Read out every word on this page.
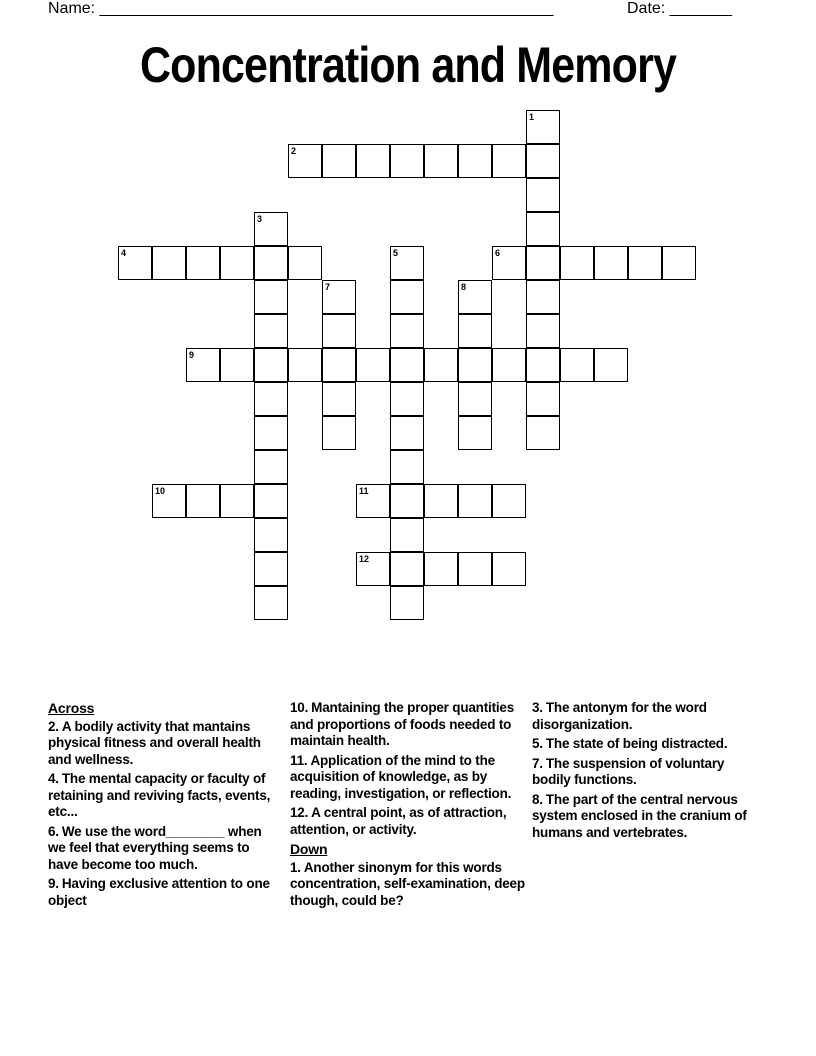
Name: ___________________________________________________	Date: _______
Concentration and Memory
1
2
3
4	5	6
7	8
9
10	11
12
Across
2. A bodily activity that mantains physical fitness and overall health and wellness.
4. The mental capacity or faculty of retaining and reviving facts, events, etc...
6. We use the word________ when we feel that everything seems to have become too much.
9. Having exclusive attention to one object
10. Mantaining the proper quantities and proportions of foods needed to maintain health.
11. Application of the mind to the acquisition of knowledge, as by reading, investigation, or reflection.
12. A central point, as of attraction, attention, or activity.
Down
1. Another sinonym for this words concentration, self-examination, deep though, could be?
3. The antonym for the word disorganization.
5. The state of being distracted.
7. The suspension of voluntary bodily functions.
8. The part of the central nervous system enclosed in the cranium of humans and vertebrates.
